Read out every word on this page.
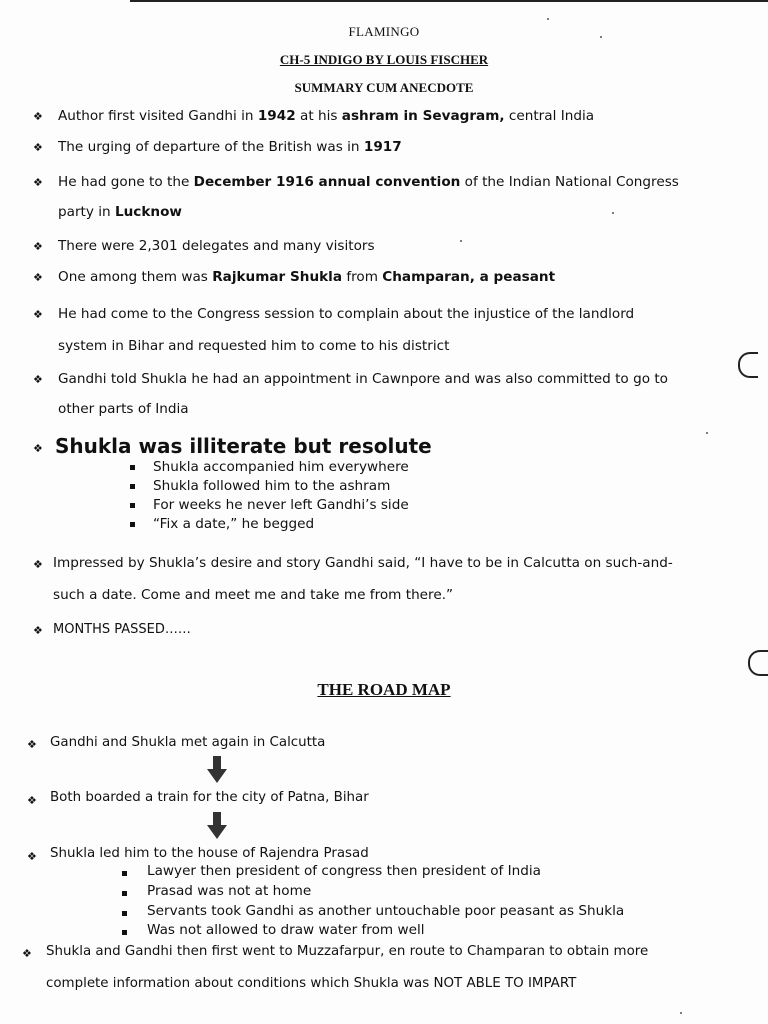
FLAMINGO
CH-5 INDIGO BY LOUIS FISCHER
SUMMARY CUM ANECDOTE
❖ Author first visited Gandhi in 1942 at his ashram in Sevagram, central India
❖ The urging of departure of the British was in 1917
❖ He had gone to the December 1916 annual convention of the Indian National Congress
party in Lucknow
❖ There were 2,301 delegates and many visitors
❖ One among them was Rajkumar Shukla from Champaran, a peasant
❖ He had come to the Congress session to complain about the injustice of the landlord
system in Bihar and requested him to come to his district
❖ Gandhi told Shukla he had an appointment in Cawnpore and was also committed to go to
other parts of India
❖ Shukla was illiterate but resolute
Shukla accompanied him everywhere
Shukla followed him to the ashram
For weeks he never left Gandhi’s side
“Fix a date,” he begged
❖ Impressed by Shukla’s desire and story Gandhi said, “I have to be in Calcutta on such-and-
such a date. Come and meet me and take me from there.”
❖ MONTHS PASSED……
THE ROAD MAP
❖ Gandhi and Shukla met again in Calcutta
❖ Both boarded a train for the city of Patna, Bihar
❖ Shukla led him to the house of Rajendra Prasad
Lawyer then president of congress then president of India
Prasad was not at home
Servants took Gandhi as another untouchable poor peasant as Shukla
Was not allowed to draw water from well
❖ Shukla and Gandhi then first went to Muzzafarpur, en route to Champaran to obtain more
complete information about conditions which Shukla was NOT ABLE TO IMPART
